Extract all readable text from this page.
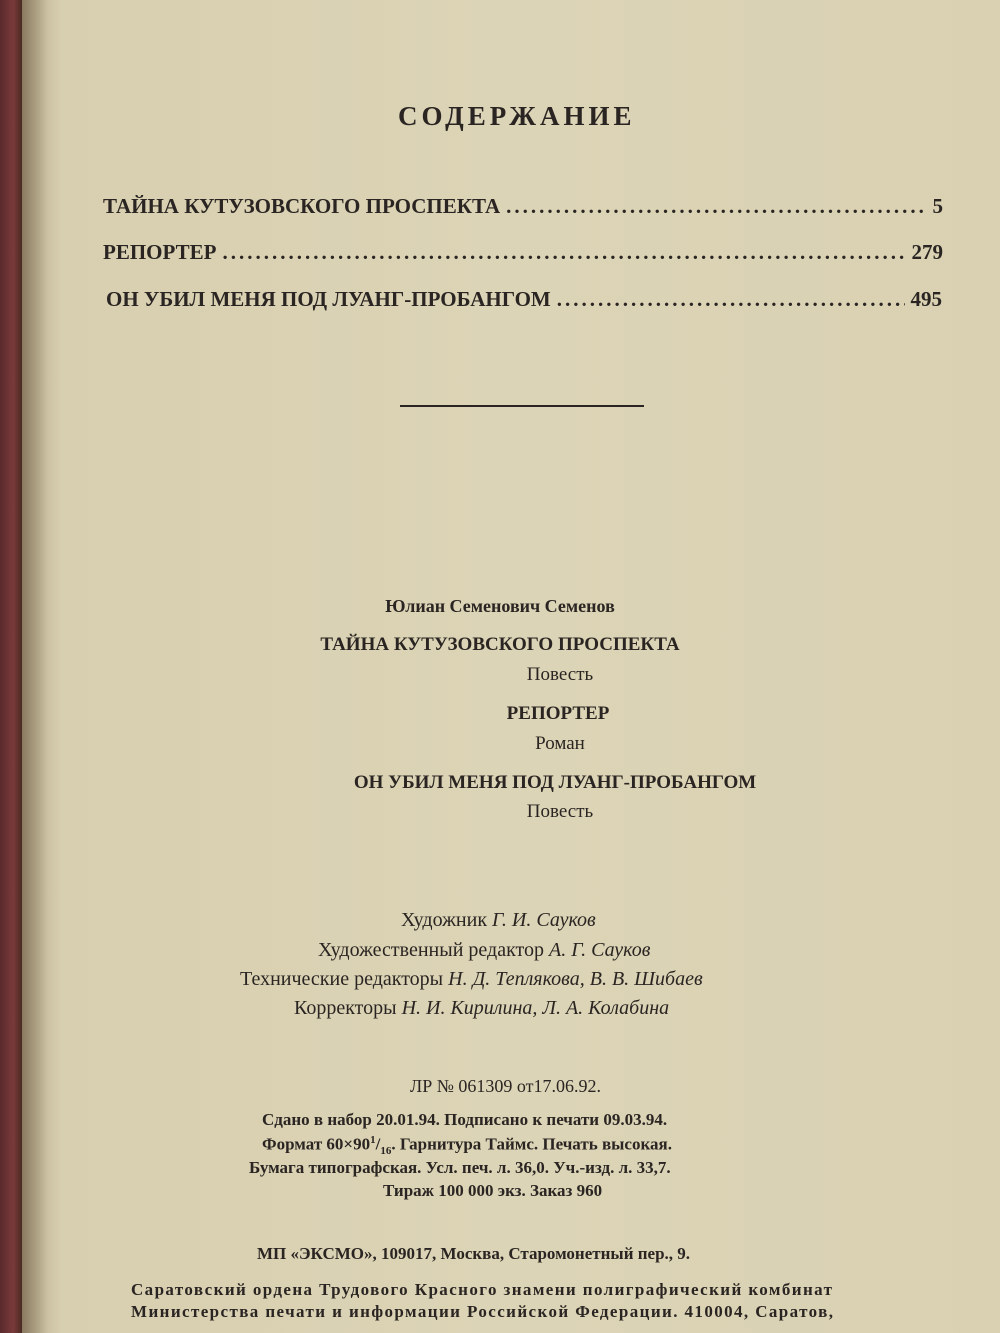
СОДЕРЖАНИЕ
ТАЙНА КУТУЗОВСКОГО ПРОСПЕКТА .....	5
РЕПОРТЕР .....	279
ОН УБИЛ МЕНЯ ПОД ЛУАНГ-ПРОБАНГОМ .....	495
Юлиан Семенович Семенов
ТАЙНА КУТУЗОВСКОГО ПРОСПЕКТА
Повесть
РЕПОРТЕР
Роман
ОН УБИЛ МЕНЯ ПОД ЛУАНГ-ПРОБАНГОМ
Повесть
Художник Г. И. Сауков
Художественный редактор А. Г. Сауков
Технические редакторы Н. Д. Теплякова, В. В. Шибаев
Корректоры Н. И. Кирилина, Л. А. Колабина
ЛР № 061309 от17.06.92.
Сдано в набор 20.01.94. Подписано к печати 09.03.94.
Формат $60\times 90^1/_{16}$. Гарнитура Таймс. Печать высокая.
Бумага типографская. Усл. печ. л. 36,0. Уч.-изд. л. 33,7.
Тираж 100 000 экз. Заказ 960
МП «ЭКСМО», 109017, Москва, Старомонетный пер., 9.
Саратовский ордена Трудового Красного знамени полиграфический комбинат
Министерства печати и информации Российской Федерации. 410004, Саратов,
